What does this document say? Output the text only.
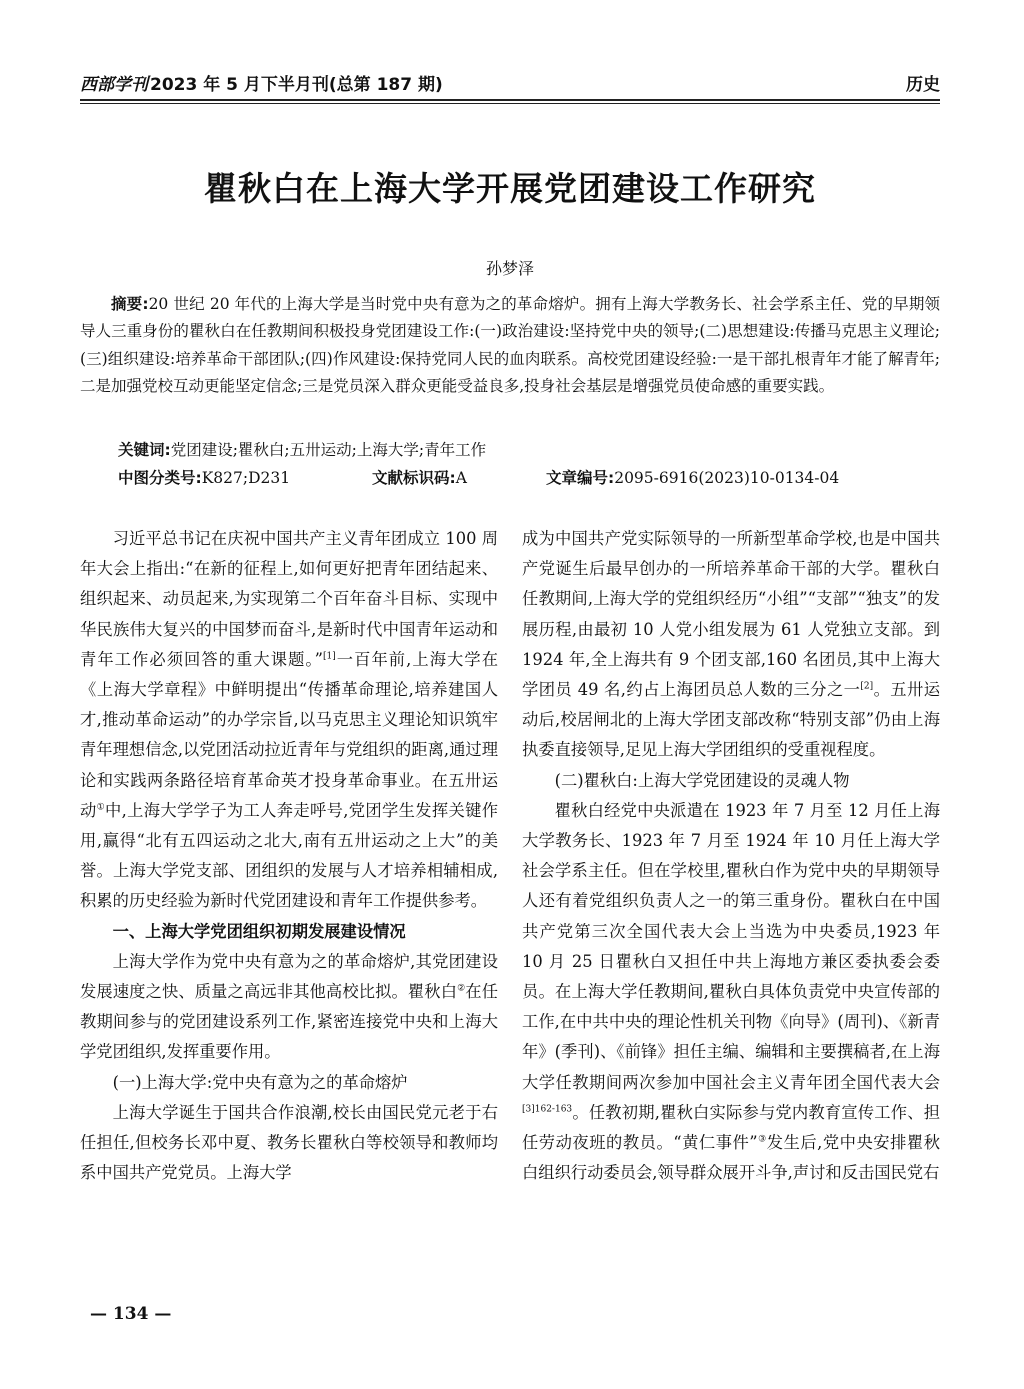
西部学刊 2023 年 5 月下半月刊(总第 187 期)	历史
瞿秋白在上海大学开展党团建设工作研究
孙梦泽
摘要:20 世纪 20 年代的上海大学是当时党中央有意为之的革命熔炉。拥有上海大学教务长、社会学系主任、党的早期领导人三重身份的瞿秋白在任教期间积极投身党团建设工作:(一)政治建设:坚持党中央的领导;(二)思想建设:传播马克思主义理论;(三)组织建设:培养革命干部团队;(四)作风建设:保持党同人民的血肉联系。高校党团建设经验:一是干部扎根青年才能了解青年;二是加强党校互动更能坚定信念;三是党员深入群众更能受益良多,投身社会基层是增强党员使命感的重要实践。
关键词:党团建设;瞿秋白;五卅运动;上海大学;青年工作
中图分类号:K827;D231	文献标识码:A	文章编号:2095-6916(2023)10-0134-04

习近平总书记在庆祝中国共产主义青年团成立 100 周年大会上指出:“在新的征程上,如何更好把青年团结起来、组织起来、动员起来,为实现第二个百年奋斗目标、实现中华民族伟大复兴的中国梦而奋斗,是新时代中国青年运动和青年工作必须回答的重大课题。”[1]一百年前,上海大学在《上海大学章程》中鲜明提出“传播革命理论,培养建国人才,推动革命运动”的办学宗旨,以马克思主义理论知识筑牢青年理想信念,以党团活动拉近青年与党组织的距离,通过理论和实践两条路径培育革命英才投身革命事业。在五卅运动①中,上海大学学子为工人奔走呼号,党团学生发挥关键作用,赢得“北有五四运动之北大,南有五卅运动之上大”的美誉。上海大学党支部、团组织的发展与人才培养相辅相成,积累的历史经验为新时代党团建设和青年工作提供参考。

一、上海大学党团组织初期发展建设情况

上海大学作为党中央有意为之的革命熔炉,其党团建设发展速度之快、质量之高远非其他高校比拟。瞿秋白②在任教期间参与的党团建设系列工作,紧密连接党中央和上海大学党团组织,发挥重要作用。

(一)上海大学:党中央有意为之的革命熔炉

上海大学诞生于国共合作浪潮,校长由国民党元老于右任担任,但校务长邓中夏、教务长瞿秋白等校领导和教师均系中国共产党党员。上海大学

成为中国共产党实际领导的一所新型革命学校,也是中国共产党诞生后最早创办的一所培养革命干部的大学。瞿秋白任教期间,上海大学的党组织经历“小组”“支部”“独支”的发展历程,由最初 10 人党小组发展为 61 人党独立支部。到 1924 年,全上海共有 9 个团支部,160 名团员,其中上海大学团员 49 名,约占上海团员总人数的三分之一[2]。五卅运动后,校居闸北的上海大学团支部改称“特别支部”仍由上海执委直接领导,足见上海大学团组织的受重视程度。

(二)瞿秋白:上海大学党团建设的灵魂人物

瞿秋白经党中央派遣在 1923 年 7 月至 12 月任上海大学教务长、1923 年 7 月至 1924 年 10 月任上海大学社会学系主任。但在学校里,瞿秋白作为党中央的早期领导人还有着党组织负责人之一的第三重身份。瞿秋白在中国共产党第三次全国代表大会上当选为中央委员,1923 年 10 月 25 日瞿秋白又担任中共上海地方兼区委执委会委员。在上海大学任教期间,瞿秋白具体负责党中央宣传部的工作,在中共中央的理论性机关刊物《向导》(周刊)、《新青年》(季刊)、《前锋》担任主编、编辑和主要撰稿者,在上海大学任教期间两次参加中国社会主义青年团全国代表大会$^{[3]162-163}$。任教初期,瞿秋白实际参与党内教育宣传工作、担任劳动夜班的教员。“黄仁事件”③发生后,党中央安排瞿秋白组织行动委员会,领导群众展开斗争,声讨和反击国民党右

— 134 —
